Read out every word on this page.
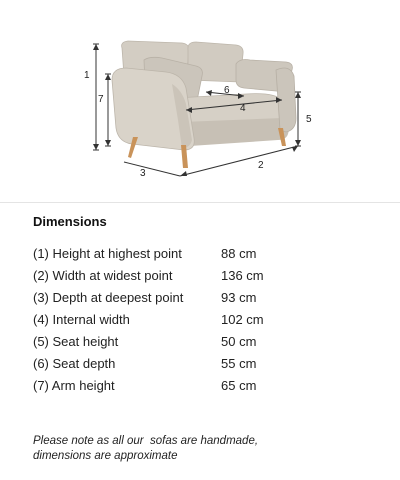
1
2
3
4
5
6
7
Dimensions
(1) Height at highest point	88 cm
(2) Width at widest point	136 cm
(3) Depth at deepest point	93 cm
(4) Internal width	102 cm
(5) Seat height	50 cm
(6) Seat depth	55 cm
(7) Arm height	65 cm
Please note as all our  sofas are handmade,
dimensions are approximate
